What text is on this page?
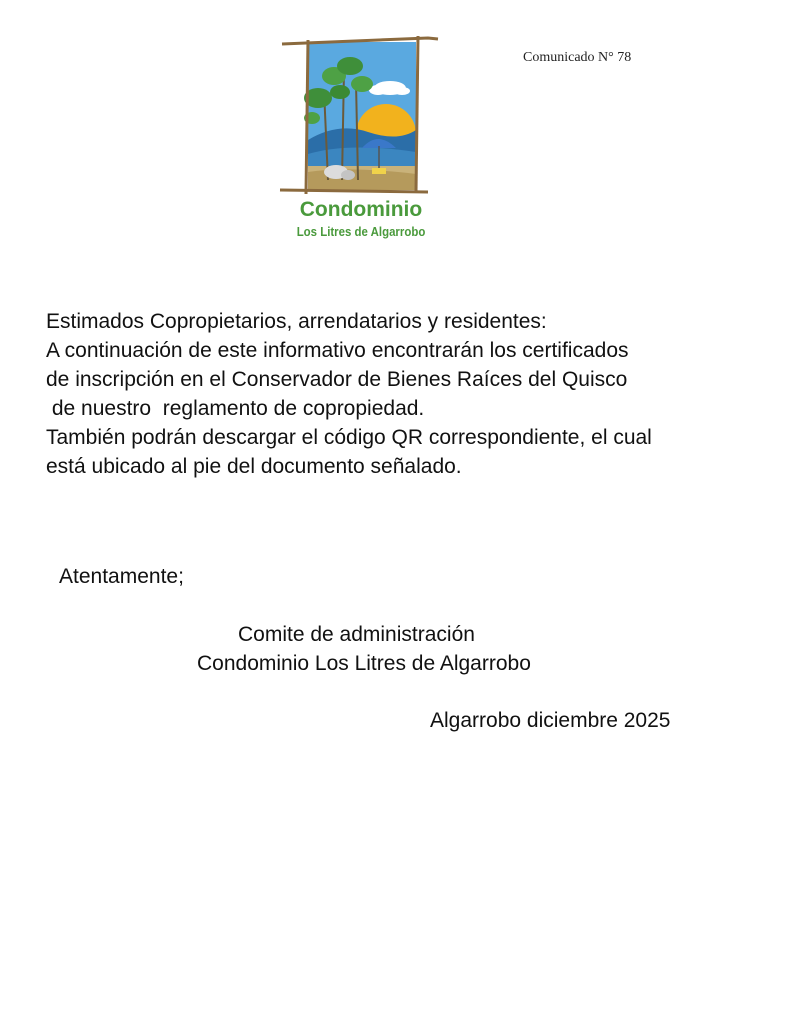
Condominio
Los Litres de Algarrobo
Comunicado N° 78
Estimados Copropietarios, arrendatarios y residentes:
A continuación de este informativo encontrarán los certificados
de inscripción en el Conservador de Bienes Raíces del Quisco
de nuestro  reglamento de copropiedad.
También podrán descargar el código QR correspondiente, el cual
está ubicado al pie del documento señalado.
Atentamente;
Comite de administración
Condominio Los Litres de Algarrobo
Algarrobo diciembre 2025
